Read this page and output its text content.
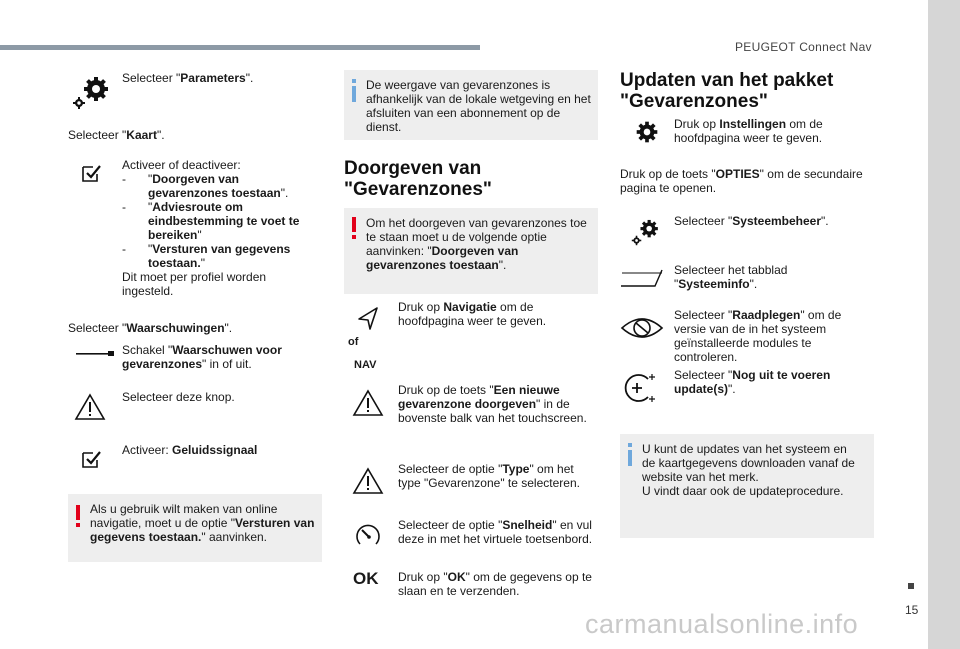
PEUGEOT Connect Nav
Selecteer "Parameters".
Selecteer "Kaart".
Activeer of deactiveer:
- "Doorgeven van gevarenzones toestaan".
- "Adviesroute om eindbestemming te voet te bereiken"
- "Versturen van gegevens toestaan."
Dit moet per profiel worden ingesteld.
Selecteer "Waarschuwingen".
Schakel "Waarschuwen voor gevarenzones" in of uit.
Selecteer deze knop.
Activeer: Geluidssignaal
Als u gebruik wilt maken van online navigatie, moet u de optie "Versturen van gegevens toestaan." aanvinken.
De weergave van gevarenzones is afhankelijk van de lokale wetgeving en het afsluiten van een abonnement op de dienst.
Doorgeven van "Gevarenzones"
Om het doorgeven van gevarenzones toe te staan moet u de volgende optie aanvinken: "Doorgeven van gevarenzones toestaan".
of
NAV
Druk op Navigatie om de hoofdpagina weer te geven.
Druk op de toets "Een nieuwe gevarenzone doorgeven" in de bovenste balk van het touchscreen.
Selecteer de optie "Type" om het type "Gevarenzone" te selecteren.
Selecteer de optie "Snelheid" en vul deze in met het virtuele toetsenbord.
OK Druk op "OK" om de gegevens op te slaan en te verzenden.
Updaten van het pakket "Gevarenzones"
Druk op Instellingen om de hoofdpagina weer te geven.
Druk op de toets "OPTIES" om de secundaire pagina te openen.
Selecteer "Systeembeheer".
Selecteer het tabblad "Systeeminfo".
Selecteer "Raadplegen" om de versie van de in het systeem geïnstalleerde modules te controleren.
Selecteer "Nog uit te voeren update(s)".
U kunt de updates van het systeem en de kaartgegevens downloaden vanaf de website van het merk.
U vindt daar ook de updateprocedure.
15
carmanualsonline.info
